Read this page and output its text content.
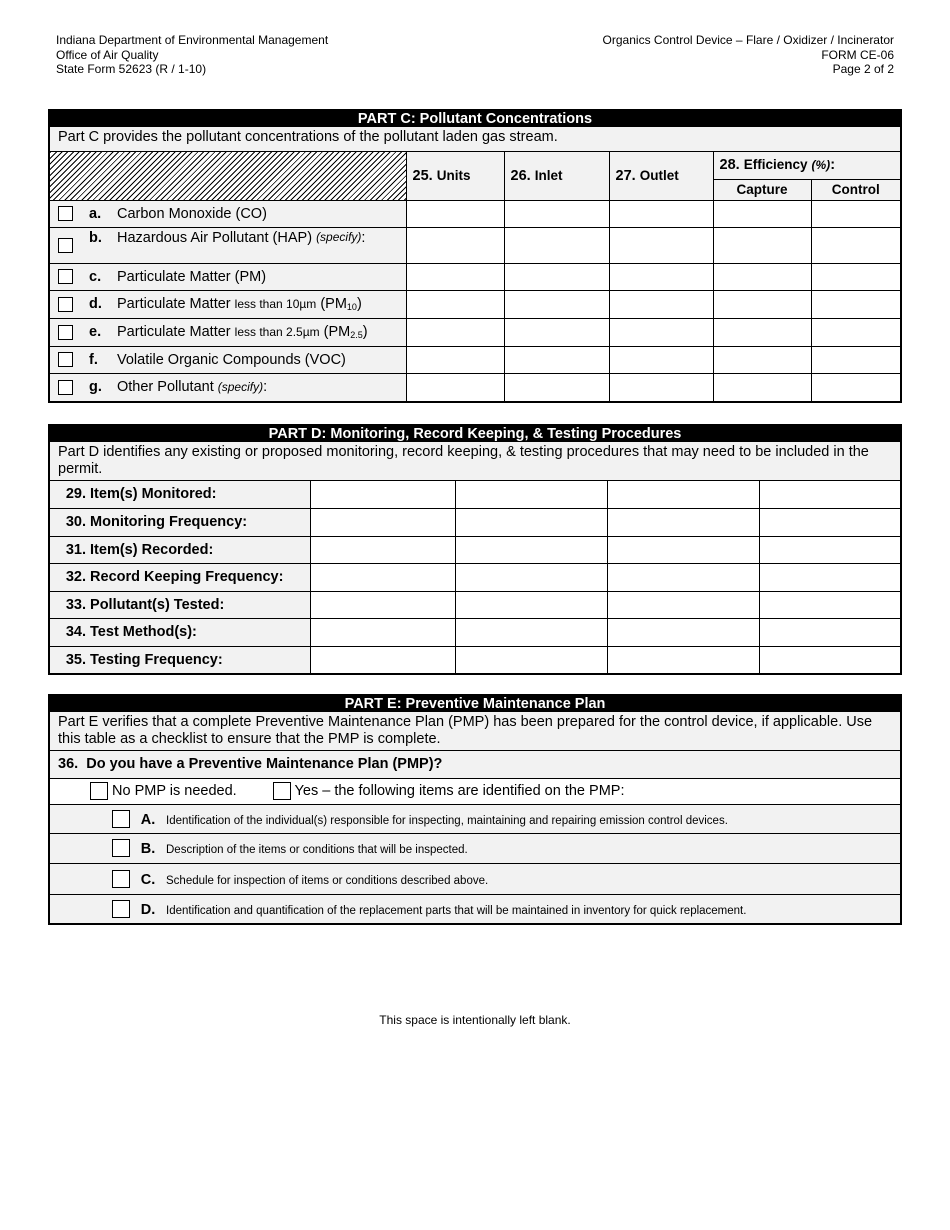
Indiana Department of Environmental Management
Office of Air Quality
State Form 52623 (R / 1-10)
Organics Control Device – Flare / Oxidizer / Incinerator
FORM CE-06
Page 2 of 2
PART C: Pollutant Concentrations
Part C provides the pollutant concentrations of the pollutant laden gas stream.
	25. Units	26. Inlet	27. Outlet	28. Efficiency (%):	
				Capture	Control
a. Carbon Monoxide (CO)					
b. Hazardous Air Pollutant (HAP) $^{(specify)}$:					
c. Particulate Matter (PM)					
d. Particulate Matter less than 10µm $(PM_{10})$					
e. Particulate Matter less than 2.5µm $(PM_{2.5})$					
f. Volatile Organic Compounds (VOC)					
g. Other Pollutant (specify):					
PART D: Monitoring, Record Keeping, & Testing Procedures
Part D identifies any existing or proposed monitoring, record keeping, & testing procedures that may need to be included in the permit.
29. Item(s) Monitored:				
30. Monitoring Frequency:				
31. Item(s) Recorded:				
32. Record Keeping Frequency:				
33. Pollutant(s) Tested:				
34. Test Method(s):				
35. Testing Frequency:				
PART E: Preventive Maintenance Plan
Part E verifies that a complete Preventive Maintenance Plan (PMP) has been prepared for the control device, if applicable. Use this table as a checklist to ensure that the PMP is complete.
36. Do you have a Preventive Maintenance Plan (PMP)?
No PMP is needed.	Yes – the following items are identified on the PMP:
A. Identification of the individual(s) responsible for inspecting, maintaining and repairing emission control devices.
B. Description of the items or conditions that will be inspected.
C. Schedule for inspection of items or conditions described above.
D. Identification and quantification of the replacement parts that will be maintained in inventory for quick replacement.
This space is intentionally left blank.
